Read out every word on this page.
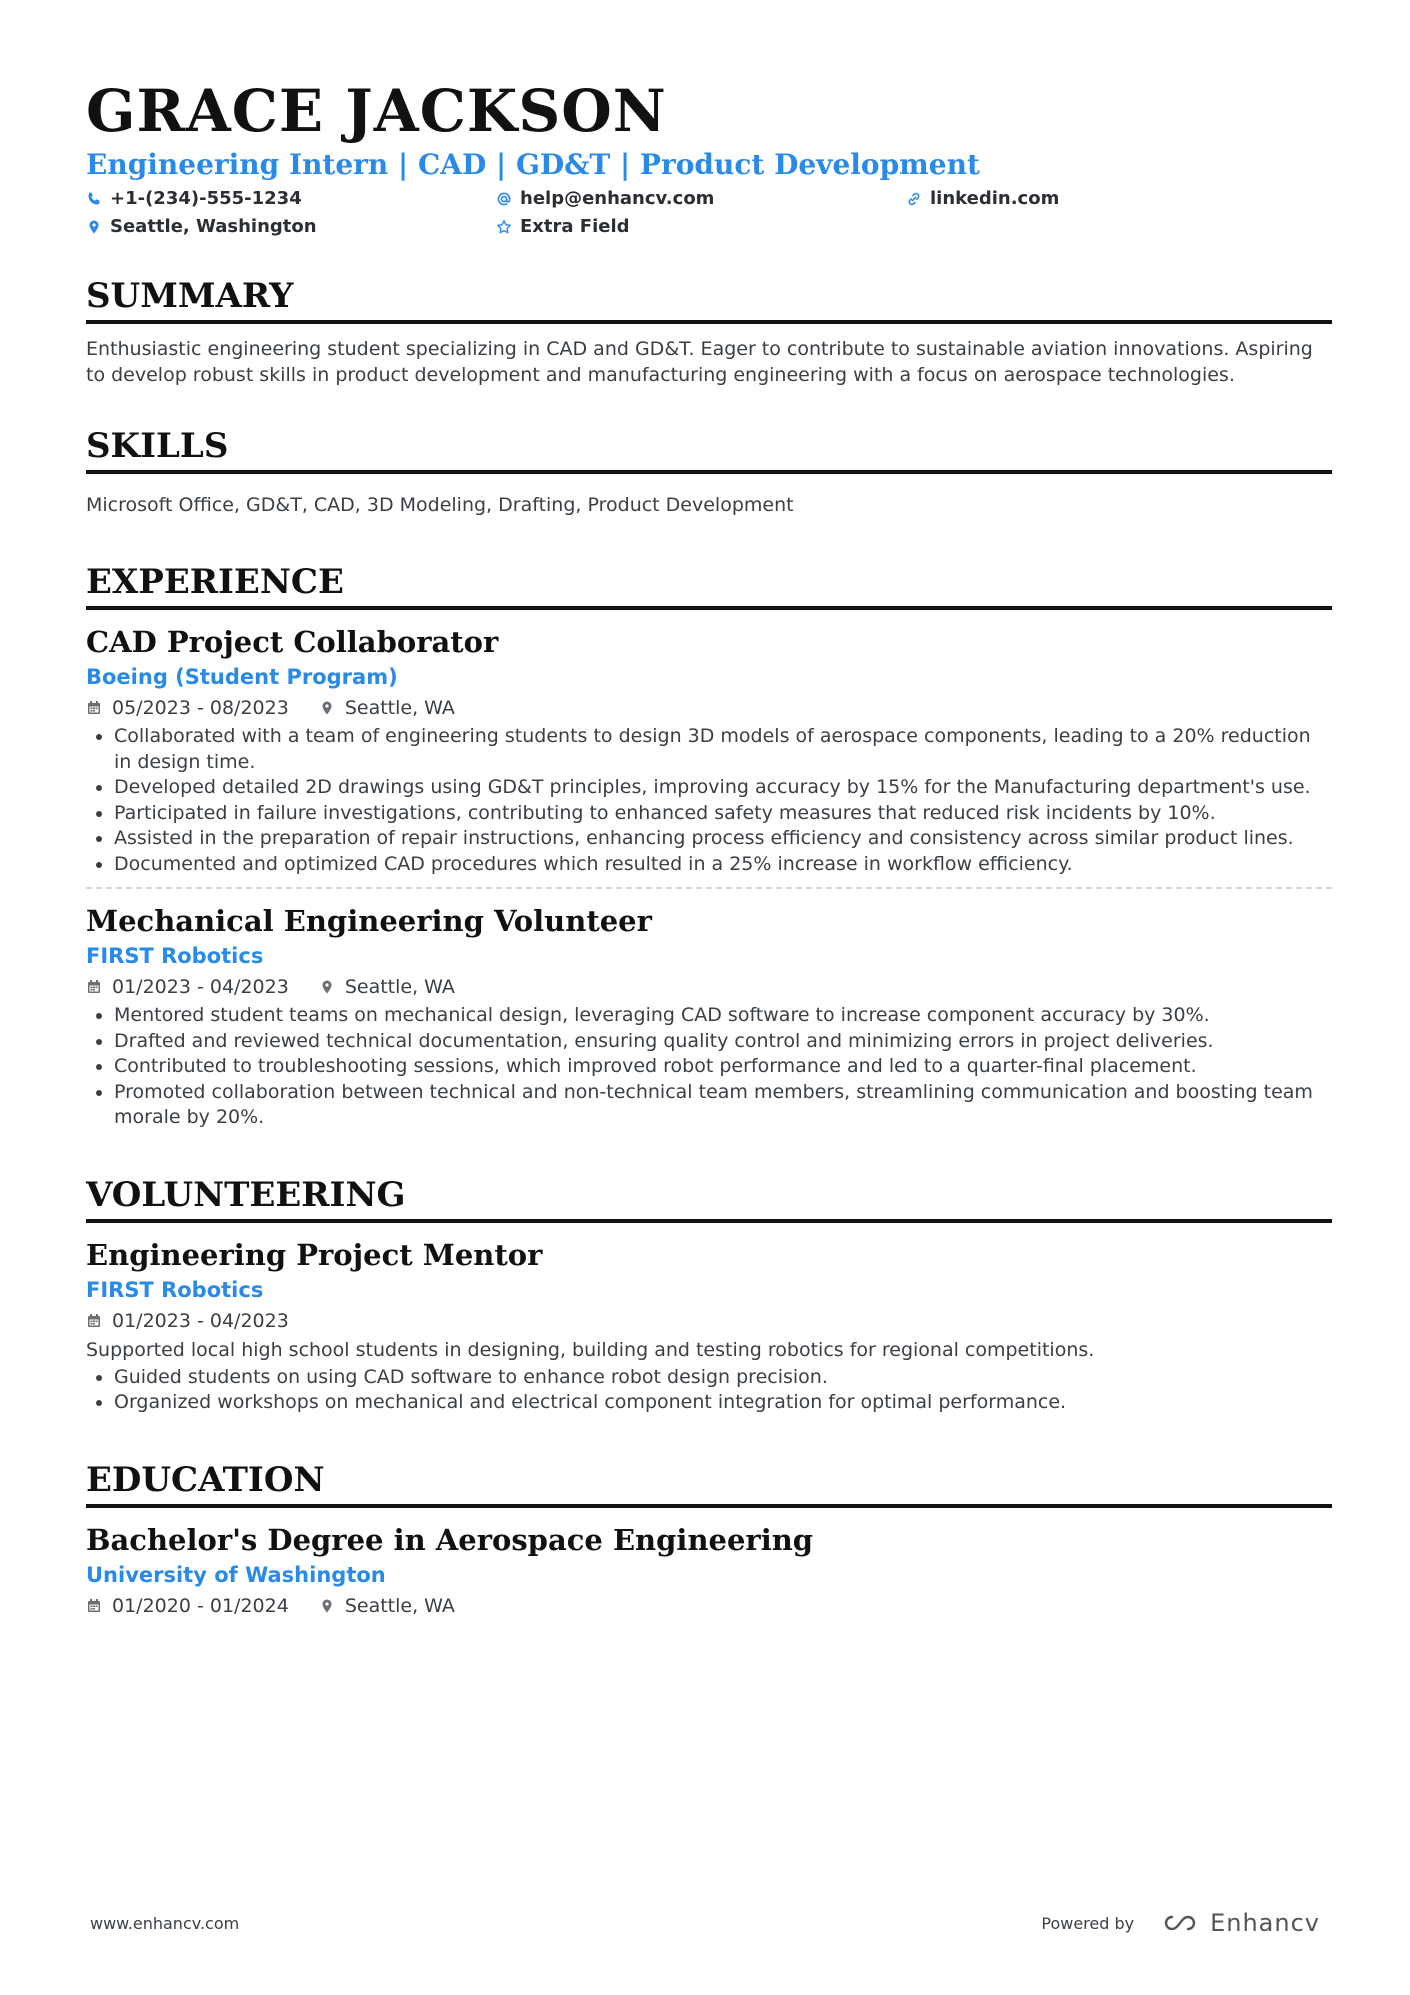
GRACE JACKSON
Engineering Intern | CAD | GD&T | Product Development
+1-(234)-555-1234	help@enhancv.com	linkedin.com
Seattle, Washington	Extra Field
SUMMARY
Enthusiastic engineering student specializing in CAD and GD&T. Eager to contribute to sustainable aviation innovations. Aspiring to develop robust skills in product development and manufacturing engineering with a focus on aerospace technologies.
SKILLS
Microsoft Office, GD&T, CAD, 3D Modeling, Drafting, Product Development
EXPERIENCE
CAD Project Collaborator
Boeing (Student Program)
05/2023 - 08/2023	Seattle, WA
• Collaborated with a team of engineering students to design 3D models of aerospace components, leading to a 20% reduction in design time.
• Developed detailed 2D drawings using GD&T principles, improving accuracy by 15% for the Manufacturing department's use.
• Participated in failure investigations, contributing to enhanced safety measures that reduced risk incidents by 10%.
• Assisted in the preparation of repair instructions, enhancing process efficiency and consistency across similar product lines.
• Documented and optimized CAD procedures which resulted in a 25% increase in workflow efficiency.
Mechanical Engineering Volunteer
FIRST Robotics
01/2023 - 04/2023	Seattle, WA
• Mentored student teams on mechanical design, leveraging CAD software to increase component accuracy by 30%.
• Drafted and reviewed technical documentation, ensuring quality control and minimizing errors in project deliveries.
• Contributed to troubleshooting sessions, which improved robot performance and led to a quarter-final placement.
• Promoted collaboration between technical and non-technical team members, streamlining communication and boosting team morale by 20%.
VOLUNTEERING
Engineering Project Mentor
FIRST Robotics
01/2023 - 04/2023
Supported local high school students in designing, building and testing robotics for regional competitions.
• Guided students on using CAD software to enhance robot design precision.
• Organized workshops on mechanical and electrical component integration for optimal performance.
EDUCATION
Bachelor's Degree in Aerospace Engineering
University of Washington
01/2020 - 01/2024	Seattle, WA
www.enhancv.com	Powered by	Enhancv
